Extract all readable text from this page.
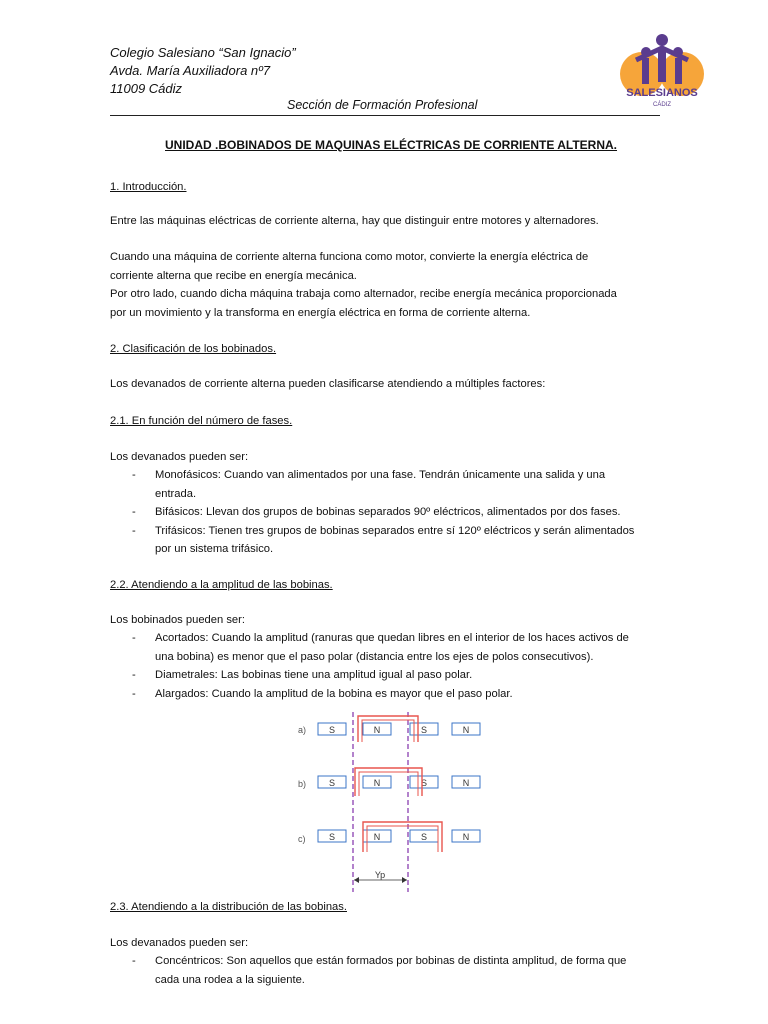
Colegio Salesiano “San Ignacio”
Avda. María Auxiliadora nº7
11009 Cádiz
Sección de Formación Profesional
SALESIANOS
CÁDIZ
UNIDAD .BOBINADOS DE MAQUINAS ELÉCTRICAS DE CORRIENTE ALTERNA.
1. Introducción.
Entre las máquinas eléctricas de corriente alterna, hay que distinguir entre motores y alternadores.
Cuando una máquina de corriente alterna funciona como motor, convierte la energía eléctrica de
corriente alterna que recibe en energía mecánica.
Por otro lado, cuando dicha máquina trabaja como alternador, recibe energía mecánica proporcionada
por un movimiento y la transforma en energía eléctrica en forma de corriente alterna.
2. Clasificación de los bobinados.
Los devanados de corriente alterna pueden clasificarse atendiendo a múltiples factores:
2.1. En función del número de fases.
Los devanados pueden ser:
- Monofásicos: Cuando van alimentados por una fase. Tendrán únicamente una salida y una
entrada.
- Bifásicos: Llevan dos grupos de bobinas separados 90º eléctricos, alimentados por dos fases.
- Trifásicos: Tienen tres grupos de bobinas separados entre sí 120º eléctricos y serán alimentados
por un sistema trifásico.
2.2. Atendiendo a la amplitud de las bobinas.
Los bobinados pueden ser:
- Acortados: Cuando la amplitud (ranuras que quedan libres en el interior de los haces activos de
una bobina) es menor que el paso polar (distancia entre los ejes de polos consecutivos).
- Diametrales: Las bobinas tiene una amplitud igual al paso polar.
- Alargados: Cuando la amplitud de la bobina es mayor que el paso polar.
a)	S	N	S	N
b)	S	N	S	N
c)	S	N	S	N
Yp
2.3. Atendiendo a la distribución de las bobinas.
Los devanados pueden ser:
- Concéntricos: Son aquellos que están formados por bobinas de distinta amplitud, de forma que
cada una rodea a la siguiente.
